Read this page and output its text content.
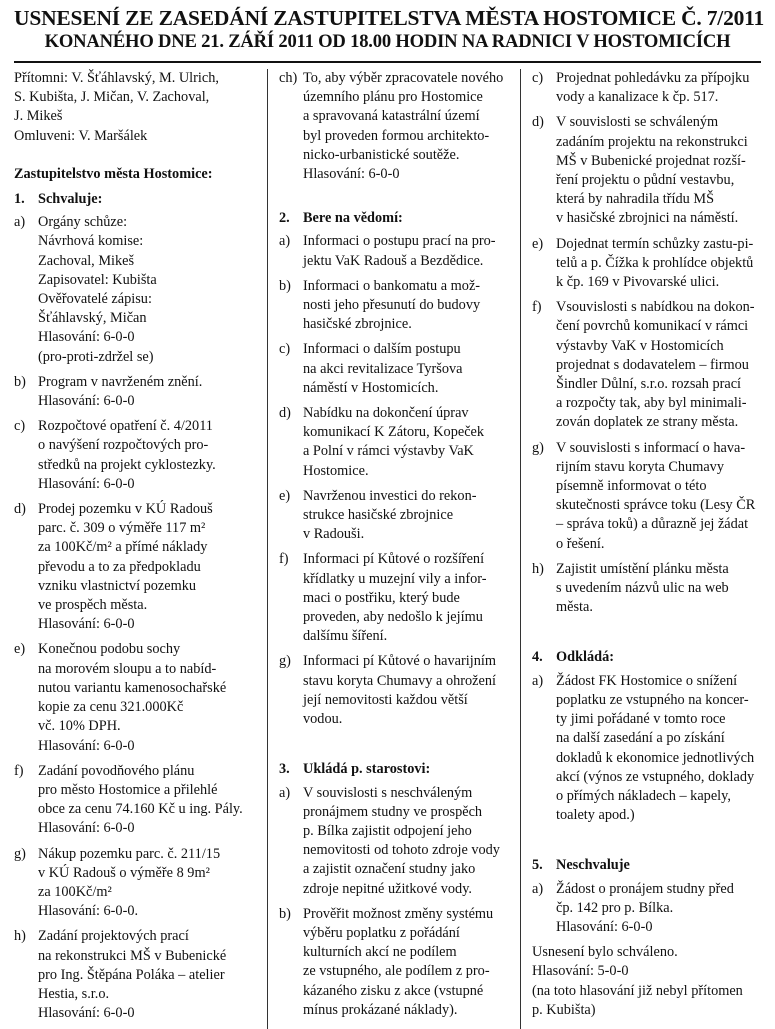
USNESENÍ ZE ZASEDÁNÍ ZASTUPITELSTVA MĚSTA HOSTOMICE Č. 7/2011
KONANÉHO DNE 21. ZÁŘÍ 2011 OD 18.00 HODIN NA RADNICI V HOSTOMICÍCH
Přítomni: V. Šťáhlavský, M. Ulrich,
S. Kubišta, J. Mičan, V. Zachoval,
J. Mikeš

Omluveni: V. Maršálek

Zastupitelstvo města Hostomice:

1. Schvaluje:
a) Orgány schůze:
Návrhová komise:
Zachoval, Mikeš
Zapisovatel: Kubišta
Ověřovatelé zápisu:
Šťáhlavský, Mičan
Hlasování: 6-0-0
(pro-proti-zdržel se)
b) Program v navrženém znění.
Hlasování: 6-0-0
c) Rozpočtové opatření č. 4/2011
o navýšení rozpočtových pro-
středků na projekt cyklostezky.
Hlasování: 6-0-0
d) Prodej pozemku v KÚ Radouš
parc. č. 309 o výměře 117 m²
za 100Kč/m² a přímé náklady
převodu a to za předpokladu
vzniku vlastnictví pozemku
ve prospěch města.
Hlasování: 6-0-0
e) Konečnou podobu sochy
na morovém sloupu a to nabíd-
nutou variantu kamenosochařské
kopie za cenu 321.000Kč
vč. 10% DPH.
Hlasování: 6-0-0
f)	Zadání povodňového plánu
pro město Hostomice a přilehlé
obce za cenu 74.160 Kč u ing. Pály.
Hlasování: 6-0-0
g) Nákup pozemku parc. č. 211/15
v KÚ Radouš o výměře 8 9m²
za 100Kč/m²
Hlasování: 6-0-0.
h) Zadání projektových prací
na rekonstrukci MŠ v Bubenické
pro Ing. Štěpána Poláka – atelier
Hestia, s.r.o.
Hlasování: 6-0-0
ch) To, aby výběr zpracovatele nového
územního plánu pro Hostomice
a spravovaná katastrální území
byl proveden formou architekto-
nicko-urbanistické soutěže.
Hlasování: 6-0-0
2. Bere na vědomí:
a) Informaci o postupu prací na pro-
jektu VaK Radouš a Bezdědice.
b) Informaci o bankomatu a mož-
nosti jeho přesunutí do budovy
hasičské zbrojnice.
c) Informaci o dalším postupu
na akci revitalizace Tyršova
náměstí v Hostomicích.
d) Nabídku na dokončení úprav
komunikací K Zátoru, Kopeček
a Polní v rámci výstavby VaK
Hostomice.
e) Navrženou investici do rekon-
strukce hasičské zbrojnice
v Radouši.
f)	Informaci pí Kůtové o rozšíření
křídlatky u muzejní vily a infor-
maci o postřiku, který bude
proveden, aby nedošlo k jejímu
dalšímu šíření.
g) Informaci pí Kůtové o havarijním
stavu koryta Chumavy a ohrožení
její nemovitosti každou větší
vodou.
3. Ukládá p. starostovi:
a) V souvislosti s neschváleným
pronájmem studny ve prospěch
p. Bílka zajistit odpojení jeho
nemovitosti od tohoto zdroje vody
a zajistit označení studny jako
zdroje nepitné užitkové vody.
b) Prověřit možnost změny systému
výběru poplatku z pořádání
kulturních akcí ne podílem
ze vstupného, ale podílem z pro-
kázaného zisku z akce (vstupné
mínus prokázané náklady).
c) Projednat pohledávku za přípojku
vody a kanalizace k čp. 517.
d) V souvislosti se schváleným
zadáním projektu na rekonstrukci
MŠ v Bubenické projednat rozší-
ření projektu o půdní vestavbu,
která by nahradila třídu MŠ
v hasičské zbrojnici na náměstí.
e) Dojednat termín schůzky zastu-pi-
telů a p. Čížka k prohlídce objektů
k čp. 169 v Pivovarské ulici.
f)	Vsouvislosti s nabídkou na dokon-
čení povrchů komunikací v rámci
výstavby VaK v Hostomicích
projednat s dodavatelem – firmou
Šindler Důlní, s.r.o. rozsah prací
a rozpočty tak, aby byl minimali-
zován doplatek ze strany města.
g) V souvislosti s informací o hava-
rijním stavu koryta Chumavy
písemně informovat o této
skutečnosti správce toku (Lesy ČR
– správa toků) a důrazně jej žádat
o řešení.
h) Zajistit umístění plánku města
s uvedením názvů ulic na web
města.
4. Odkládá:
a) Žádost FK Hostomice o snížení
poplatku ze vstupného na koncer-
ty jimi pořádané v tomto roce
na další zasedání a po získání
dokladů k ekonomice jednotlivých
akcí (výnos ze vstupného, doklady
o přímých nákladech – kapely,
toalety apod.)
5. Neschvaluje
a) Žádost o pronájem studny před
čp. 142 pro p. Bílka.
Hlasování: 6-0-0
Usnesení bylo schváleno.
Hlasování: 5-0-0
(na toto hlasování již nebyl přítomen
p. Kubišta)
